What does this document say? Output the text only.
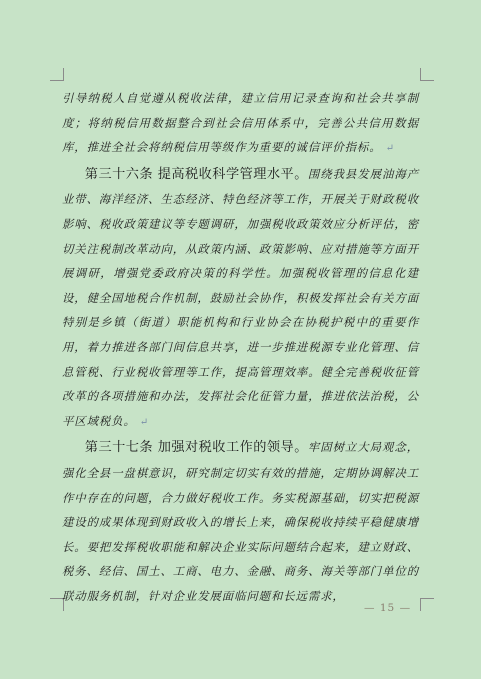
引导纳税人自觉遵从税收法律，建立信用记录查询和社会共享制度；将纳税信用数据整合到社会信用体系中，完善公共信用数据库，推进全社会将纳税信用等级作为重要的诚信评价指标。 ↵

第三十六条 提高税收科学管理水平。围绕我县发展油海产业带、海洋经济、生态经济、特色经济等工作，开展关于财政税收影响、税收政策建议等专题调研，加强税收政策效应分析评估，密切关注税制改革动向，从政策内涵、政策影响、应对措施等方面开展调研，增强党委政府决策的科学性。加强税收管理的信息化建设，健全国地税合作机制，鼓励社会协作，积极发挥社会有关方面特别是乡镇（街道）职能机构和行业协会在协税护税中的重要作用，着力推进各部门间信息共享，进一步推进税源专业化管理、信息管税、行业税收管理等工作，提高管理效率。健全完善税收征管改革的各项措施和办法，发挥社会化征管力量，推进依法治税，公平区域税负。 ↵

第三十七条 加强对税收工作的领导。牢固树立大局观念，强化全县一盘棋意识，研究制定切实有效的措施，定期协调解决工作中存在的问题，合力做好税收工作。务实税源基础，切实把税源建设的成果体现到财政收入的增长上来，确保税收持续平稳健康增长。要把发挥税收职能和解决企业实际问题结合起来，建立财政、税务、经信、国土、工商、电力、金融、商务、海关等部门单位的联动服务机制，针对企业发展面临问题和长远需求，

— 15 —
